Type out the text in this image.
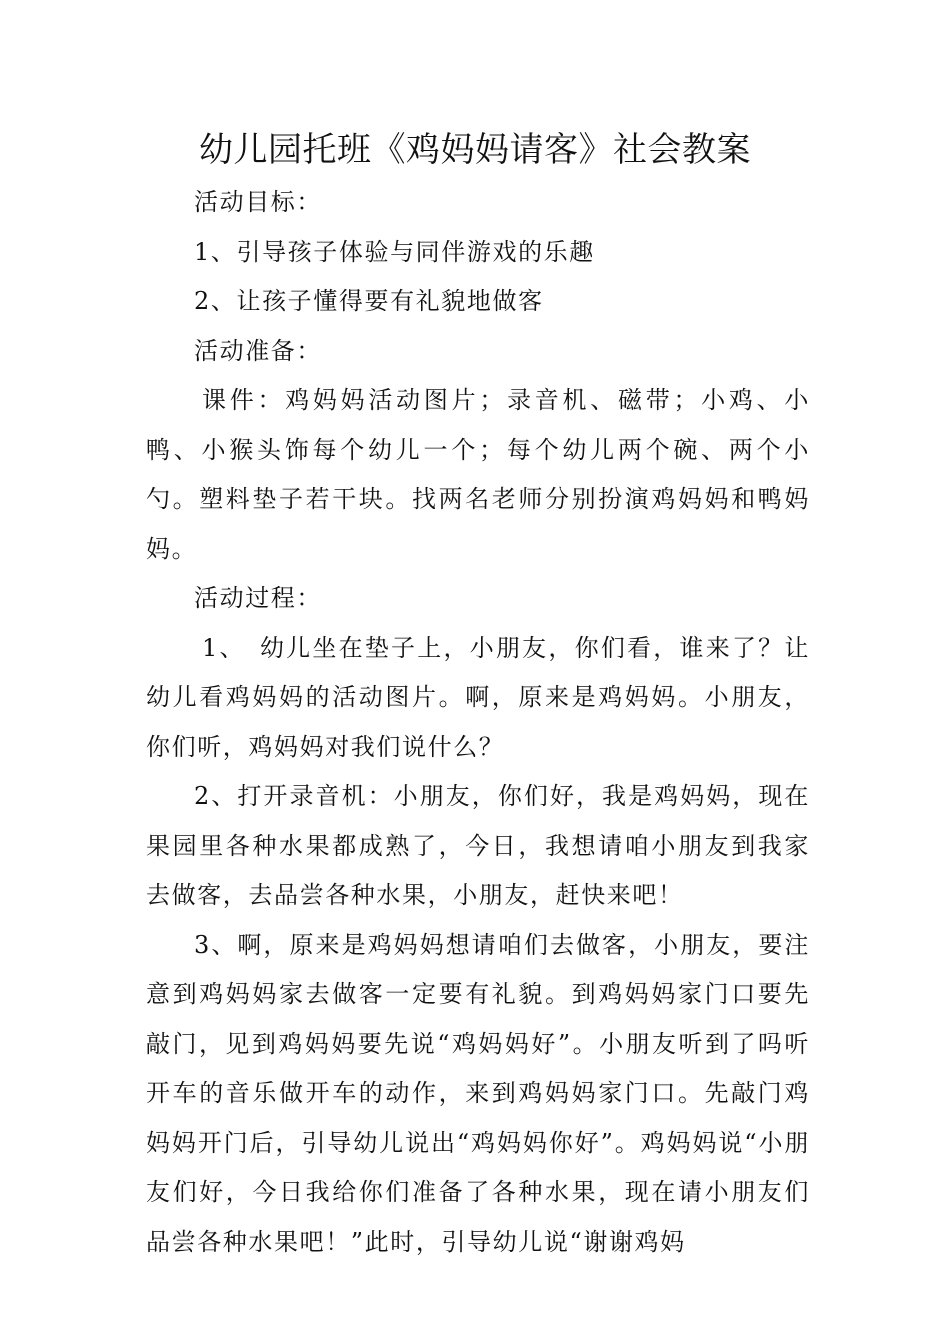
幼儿园托班《鸡妈妈请客》社会教案

活动目标：

1、引导孩子体验与同伴游戏的乐趣

2、让孩子懂得要有礼貌地做客

活动准备：

课件：鸡妈妈活动图片；录音机、磁带；小鸡、小鸭、小猴头饰每个幼儿一个；每个幼儿两个碗、两个小勺。塑料垫子若干块。找两名老师分别扮演鸡妈妈和鸭妈妈。

活动过程：

1、　幼儿坐在垫子上，小朋友，你们看，谁来了？让幼儿看鸡妈妈的活动图片。啊，原来是鸡妈妈。小朋友，你们听，鸡妈妈对我们说什么？

2、打开录音机：小朋友，你们好，我是鸡妈妈，现在果园里各种水果都成熟了，今日，我想请咱小朋友到我家去做客，去品尝各种水果，小朋友，赶快来吧！

3、啊，原来是鸡妈妈想请咱们去做客，小朋友，要注意到鸡妈妈家去做客一定要有礼貌。到鸡妈妈家门口要先敲门，见到鸡妈妈要先说“鸡妈妈好”。小朋友听到了吗听开车的音乐做开车的动作，来到鸡妈妈家门口。先敲门鸡妈妈开门后，引导幼儿说出“鸡妈妈你好”。鸡妈妈说“小朋友们好，今日我给你们准备了各种水果，现在请小朋友们品尝各种水果吧！”此时，引导幼儿说“谢谢鸡妈
